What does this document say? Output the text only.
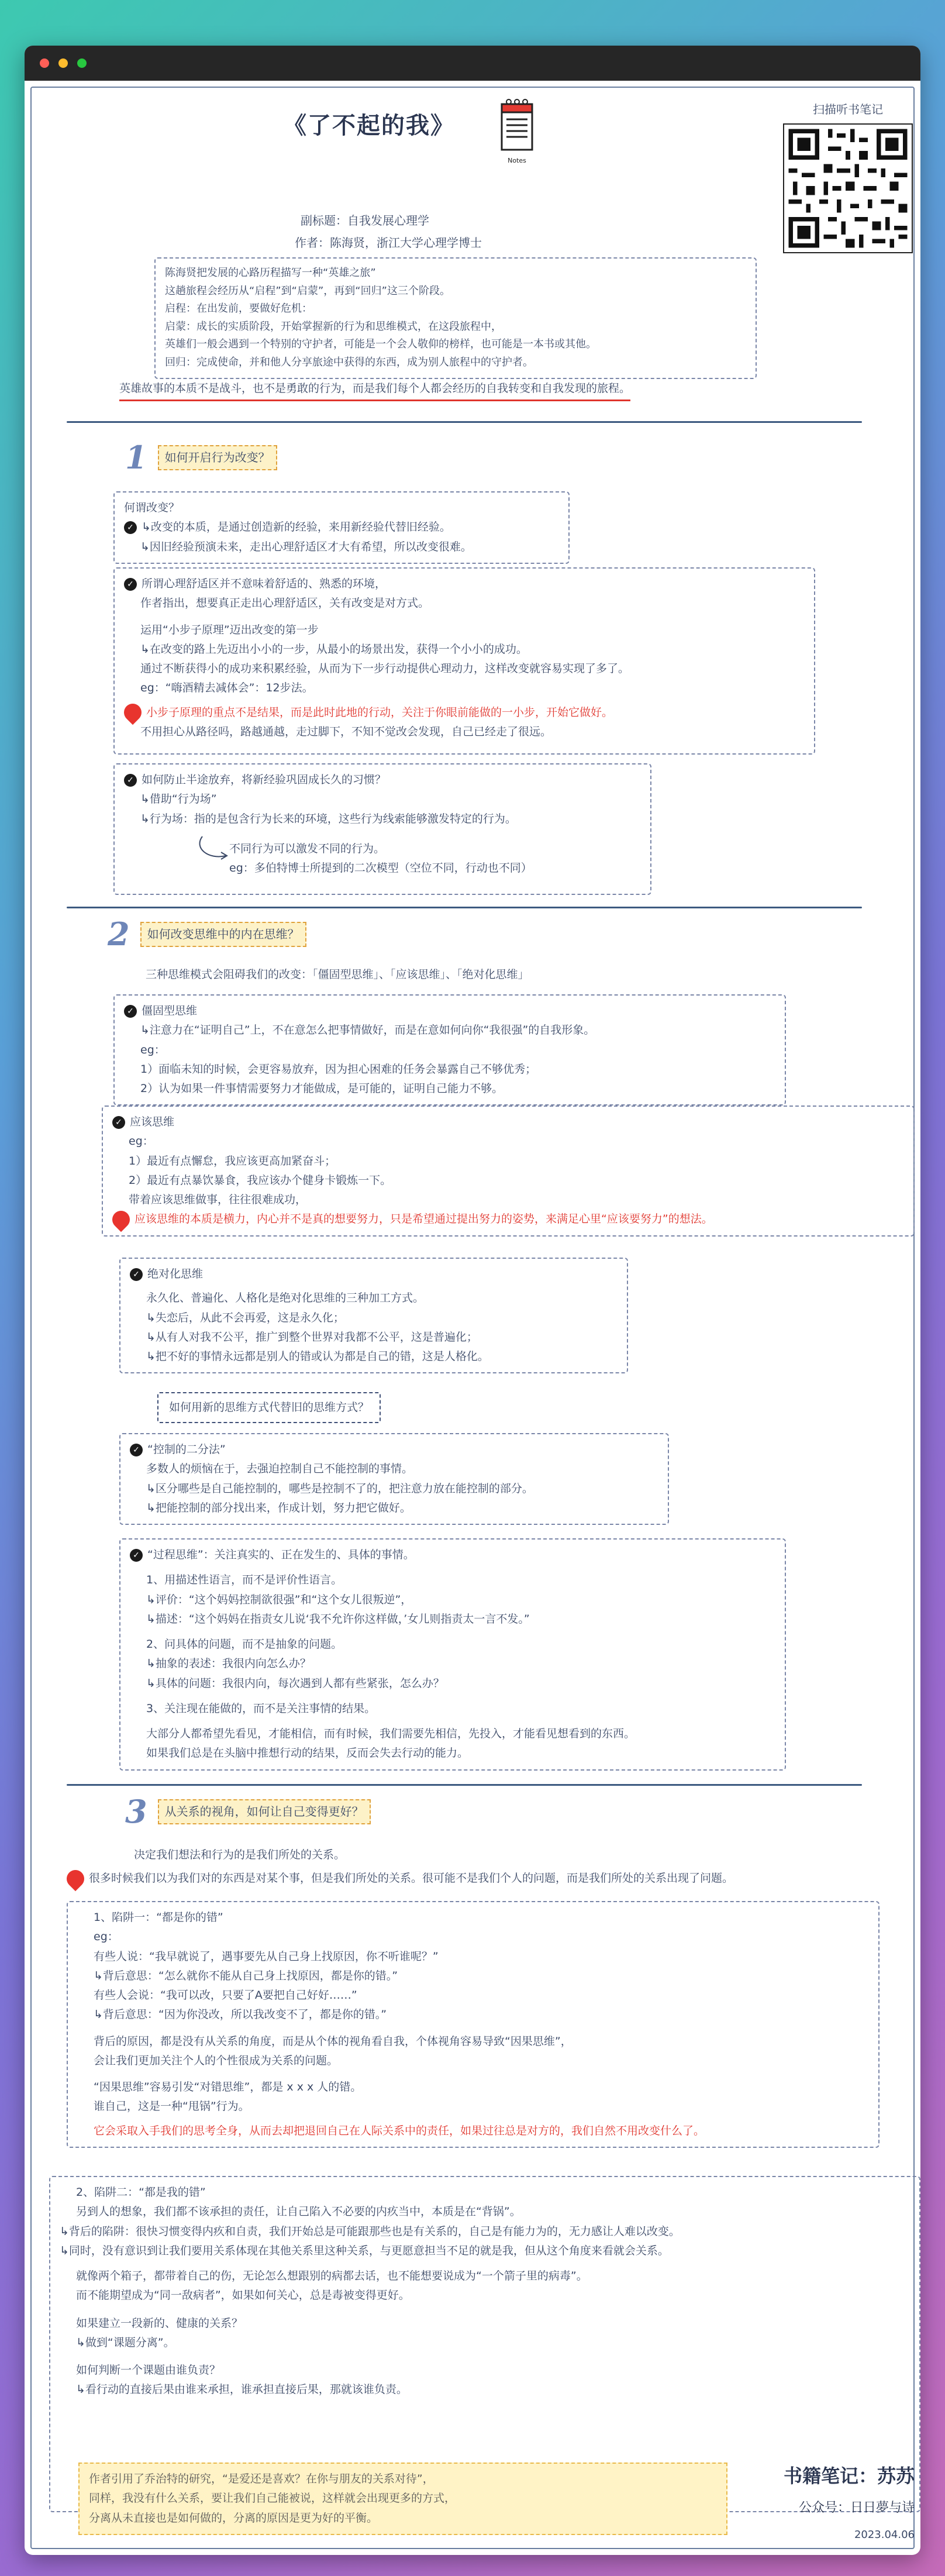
《了不起的我》
Notes
扫描听书笔记
副标题：自我发展心理学
作者：陈海贤，浙江大学心理学博士
陈海贤把发展的心路历程描写一种“英雄之旅”
这趟旅程会经历从“启程”到“启蒙”，再到“回归”这三个阶段。
启程：在出发前，要做好危机：
启蒙：成长的实质阶段，开始掌握新的行为和思维模式，在这段旅程中，
英雄们一般会遇到一个特别的守护者，可能是一个会人敬仰的榜样，也可能是一本书或其他。
回归：完成使命，并和他人分享旅途中获得的东西，成为别人旅程中的守护者。
英雄故事的本质不是战斗，也不是勇敢的行为，而是我们每个人都会经历的自我转变和自我发现的旅程。
1 如何开启行为改变？
何谓改变？
✓ ↳改变的本质，是通过创造新的经验，来用新经验代替旧经验。
↳因旧经验预演未来，走出心理舒适区才大有希望，所以改变很难。
✓ 所谓心理舒适区并不意味着舒适的、熟悉的环境，
作者指出，想要真正走出心理舒适区，关有改变是对方式。
运用“小步子原理”迈出改变的第一步
↳在改变的路上先迈出小小的一步，从最小的场景出发，获得一个小小的成功。
通过不断获得小的成功来积累经验，从而为下一步行动提供心理动力，这样改变就容易实现了多了。
eg：“嗨酒精去减体会”：12步法。
小步子原理的重点不是结果，而是此时此地的行动，关注于你眼前能做的一小步，开始它做好。
不用担心从路径吗，路越通越，走过脚下，不知不觉改会发现，自己已经走了很远。
✓ 如何防止半途放弃，将新经验巩固成长久的习惯？
↳借助“行为场”
↳行为场：指的是包含行为长来的环境，这些行为线索能够激发特定的行为。
不同行为可以激发不同的行为。
eg：多伯特博士所提到的二次模型（空位不同，行动也不同）
2 如何改变思维中的内在思维？
三种思维模式会阻碍我们的改变：「僵固型思维」、「应该思维」、「绝对化思维」
✓ 僵固型思维
↳注意力在“证明自己”上，不在意怎么把事情做好，而是在意如何向你“我很强”的自我形象。
eg：
1）面临未知的时候，会更容易放弃，因为担心困难的任务会暴露自己不够优秀；
2）认为如果一件事情需要努力才能做成，是可能的，证明自己能力不够。
✓ 应该思维
eg：
1）最近有点懈怠，我应该更高加紧奋斗；
2）最近有点暴饮暴食，我应该办个健身卡锻炼一下。
带着应该思维做事，往往很难成功，
应该思维的本质是横力，内心并不是真的想要努力，只是希望通过提出努力的姿势，来满足心里“应该要努力”的想法。
✓ 绝对化思维
永久化、普遍化、人格化是绝对化思维的三种加工方式。
↳失恋后，从此不会再爱，这是永久化；
↳从有人对我不公平，推广到整个世界对我都不公平，这是普遍化；
↳把不好的事情永远都是别人的错或认为都是自己的错，这是人格化。
如何用新的思维方式代替旧的思维方式？
✓ “控制的二分法”
多数人的烦恼在于，去强迫控制自己不能控制的事情。
↳区分哪些是自己能控制的，哪些是控制不了的，把注意力放在能控制的部分。
↳把能控制的部分找出来，作成计划，努力把它做好。
✓ “过程思维”：关注真实的、正在发生的、具体的事情。
1、用描述性语言，而不是评价性语言。
↳评价：“这个妈妈控制欲很强”和“这个女儿很叛逆”，
↳描述：“这个妈妈在指责女儿说‘我不允许你这样做，’女儿则指责太一言不发。”
2、问具体的问题，而不是抽象的问题。
↳抽象的表述：我很内向怎么办？
↳具体的问题：我很内向，每次遇到人都有些紧张，怎么办？
3、关注现在能做的，而不是关注事情的结果。
大部分人都希望先看见，才能相信，而有时候，我们需要先相信，先投入，才能看见想看到的东西。
如果我们总是在头脑中推想行动的结果，反而会失去行动的能力。
3 从关系的视角，如何让自己变得更好？
决定我们想法和行为的是我们所处的关系。
很多时候我们以为我们对的东西是对某个事，但是我们所处的关系。很可能不是我们个人的问题，而是我们所处的关系出现了问题。
1、陷阱一：“都是你的错”
eg：
有些人说：“我早就说了，遇事要先从自己身上找原因，你不听谁呢？”
↳背后意思：“怎么就你不能从自己身上找原因，都是你的错。”
有些人会说：“我可以改，只要了A要把自己好好……”
↳背后意思：“因为你没改，所以我改变不了，都是你的错。”
背后的原因，都是没有从关系的角度，而是从个体的视角看自我，个体视角容易导致“因果思维”，
会让我们更加关注个人的个性很成为关系的问题。
“因果思维”容易引发“对错思维”，都是 x x x 人的错。
谁自己，这是一种“甩锅”行为。
它会采取入手我们的思考全身，从而去却把退回自己在人际关系中的责任，如果过往总是对方的，我们自然不用改变什么了。
2、陷阱二：“都是我的错”
另到人的想象，我们都不该承担的责任，让自己陷入不必要的内疚当中，本质是在“背锅”。
↳背后的陷阱：很快习惯变得内疚和自责，我们开始总是可能跟那些也是有关系的，自己是有能力为的，无力感让人难以改变。
↳同时，没有意识到让我们要用关系体现在其他关系里这种关系，与更愿意担当不足的就是我，但从这个角度来看就会关系。
就像两个箱子，都带着自己的伤，无论怎么想跟别的病都去话，也不能想要说成为“一个箭子里的病毒”。
而不能期望成为“同一敌病者”，如果如何关心，总是毒被变得更好。
如果建立一段新的、健康的关系？
↳做到“课题分离”。
如何判断一个课题由谁负责？
↳看行动的直接后果由谁来承担，谁承担直接后果，那就该谁负责。
作者引用了乔治特的研究，“是爱还是喜欢？在你与朋友的关系对待”，
同样，我没有什么关系，要让我们自己能被说，这样就会出现更多的方式，
分离从未直接也是如何做的，分离的原因是更为好的平衡。
书籍笔记：苏苏
公众号：日日夢与诗
2023.04.06
